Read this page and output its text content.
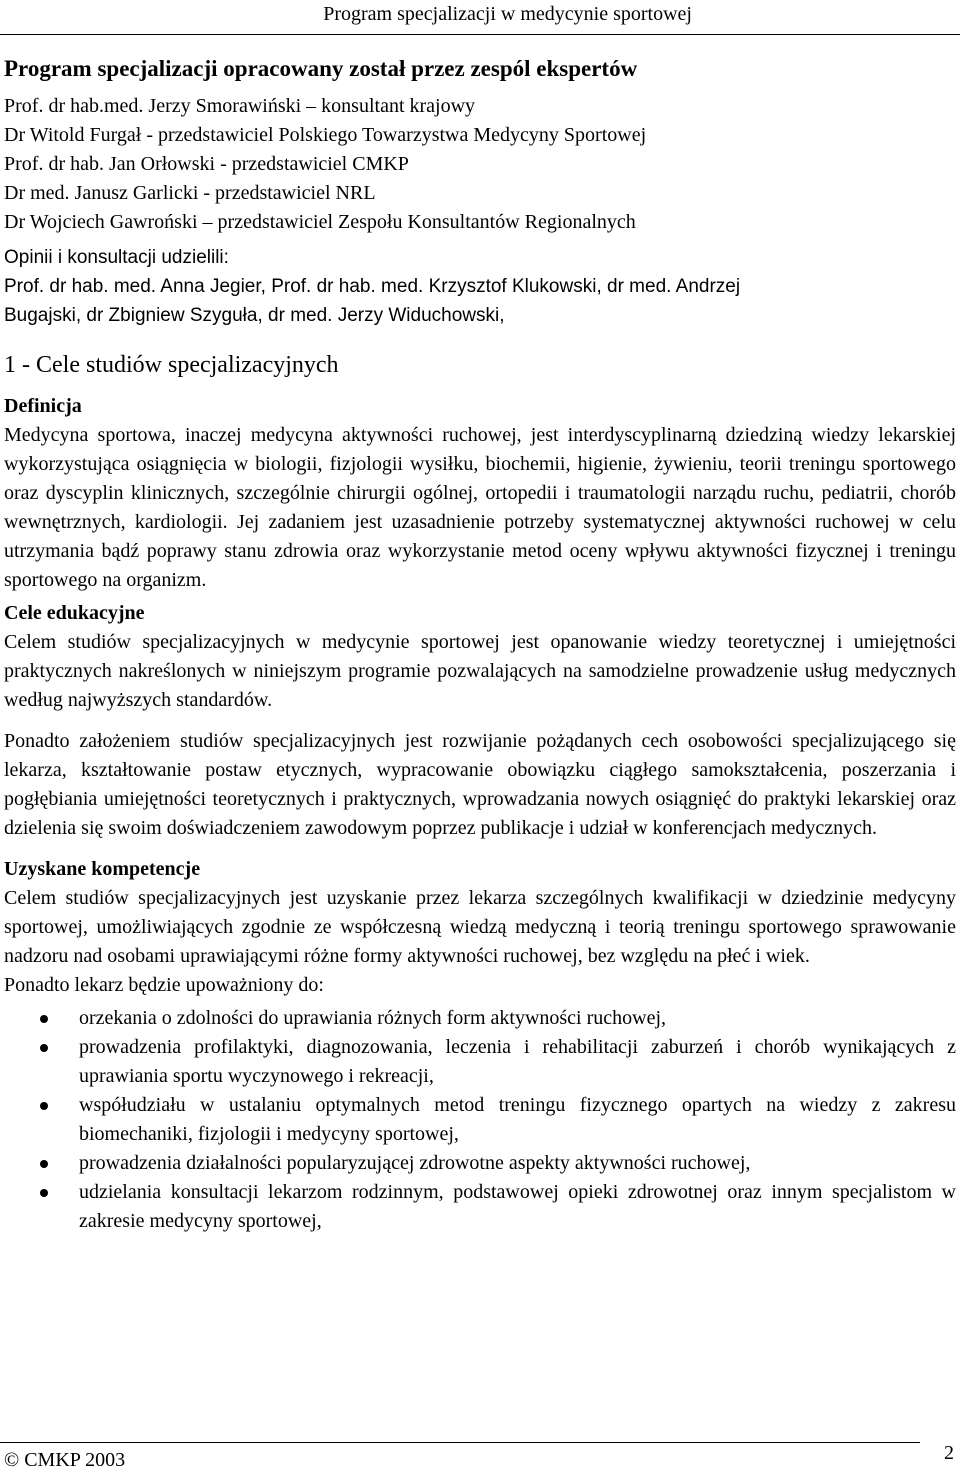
Program specjalizacji w medycynie sportowej

Program specjalizacji opracowany został przez zespól ekspertów

Prof. dr hab.med. Jerzy Smorawiński – konsultant krajowy

Dr Witold Furgał - przedstawiciel Polskiego Towarzystwa Medycyny Sportowej

Prof. dr hab. Jan Orłowski - przedstawiciel CMKP

Dr med. Janusz Garlicki - przedstawiciel NRL

Dr Wojciech Gawroński – przedstawiciel Zespołu Konsultantów Regionalnych

Opinii i konsultacji udzielili:

Prof. dr hab. med. Anna Jegier, Prof. dr hab. med. Krzysztof Klukowski, dr med. Andrzej Bugajski, dr Zbigniew Szyguła, dr med. Jerzy Widuchowski,

1 - Cele studiów specjalizacyjnych

Definicja

Medycyna sportowa, inaczej medycyna aktywności ruchowej, jest interdyscyplinarną dziedziną wiedzy lekarskiej wykorzystująca osiągnięcia w biologii, fizjologii wysiłku, biochemii, higienie, żywieniu, teorii treningu sportowego oraz dyscyplin klinicznych, szczególnie chirurgii ogólnej, ortopedii i traumatologii narządu ruchu, pediatrii, chorób wewnętrznych, kardiologii. Jej zadaniem jest uzasadnienie potrzeby systematycznej aktywności ruchowej w celu utrzymania bądź poprawy stanu zdrowia oraz wykorzystanie metod oceny wpływu aktywności fizycznej i treningu sportowego na organizm.

Cele edukacyjne

Celem studiów specjalizacyjnych w medycynie sportowej jest opanowanie wiedzy teoretycznej i umiejętności praktycznych nakreślonych w niniejszym programie pozwalających na samodzielne prowadzenie usług medycznych według najwyższych standardów.

Ponadto założeniem studiów specjalizacyjnych jest rozwijanie pożądanych cech osobowości specjalizującego się lekarza, kształtowanie postaw etycznych, wypracowanie obowiązku ciągłego samokształcenia, poszerzania i pogłębiania umiejętności teoretycznych i praktycznych, wprowadzania nowych osiągnięć do praktyki lekarskiej oraz dzielenia się swoim doświadczeniem zawodowym poprzez publikacje i udział w konferencjach medycznych.

Uzyskane kompetencje

Celem studiów specjalizacyjnych jest uzyskanie przez lekarza szczególnych kwalifikacji w dziedzinie medycyny sportowej, umożliwiających zgodnie ze współczesną wiedzą medyczną i teorią treningu sportowego sprawowanie nadzoru nad osobami uprawiającymi różne formy aktywności ruchowej, bez względu na płeć i wiek.

Ponadto lekarz będzie upoważniony do:

orzekania o zdolności do uprawiania różnych form aktywności ruchowej,
prowadzenia profilaktyki, diagnozowania, leczenia i rehabilitacji zaburzeń i chorób wynikających z uprawiania sportu wyczynowego i rekreacji,
współudziału w ustalaniu optymalnych metod treningu fizycznego opartych na wiedzy z zakresu biomechaniki, fizjologii i medycyny sportowej,
prowadzenia działalności popularyzującej zdrowotne aspekty aktywności ruchowej,
udzielania konsultacji lekarzom rodzinnym, podstawowej opieki zdrowotnej oraz innym specjalistom w zakresie medycyny sportowej,
© CMKP 2003	2
